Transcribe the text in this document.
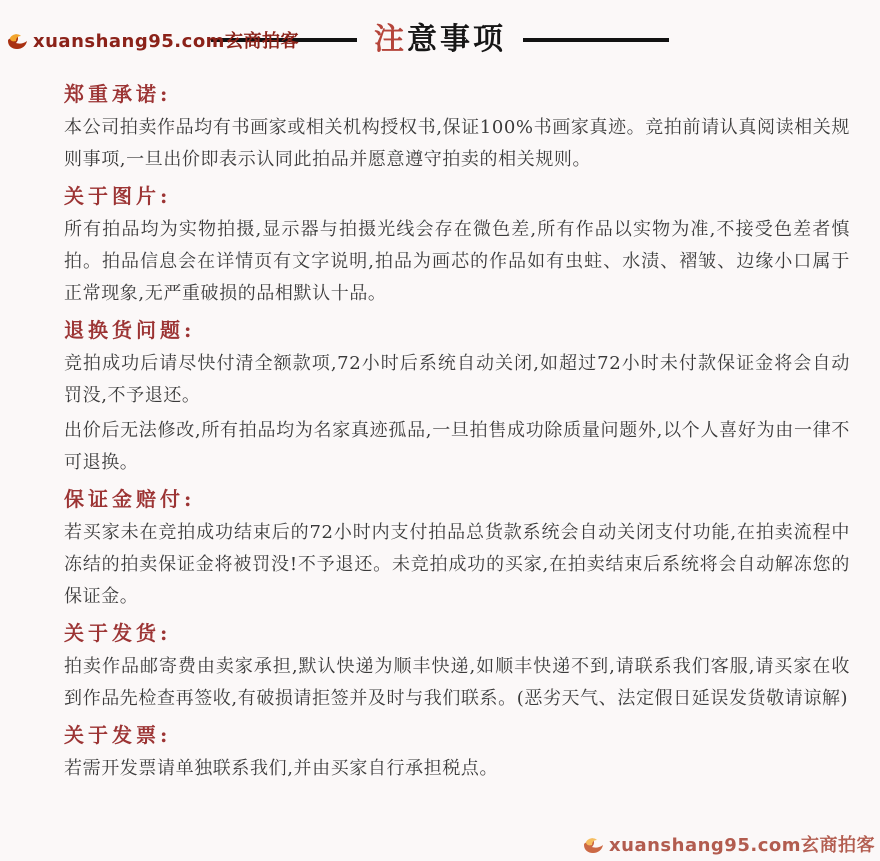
xuanshang95.com玄商拍客	注意事项
郑重承诺:

本公司拍卖作品均有书画家或相关机构授权书,保证100%书画家真迹。竞拍前请认真阅读相关规则事项,一旦出价即表示认同此拍品并愿意遵守拍卖的相关规则。

关于图片:

所有拍品均为实物拍摄,显示器与拍摄光线会存在微色差,所有作品以实物为准,不接受色差者慎拍。拍品信息会在详情页有文字说明,拍品为画芯的作品如有虫蛀、水渍、褶皱、边缘小口属于正常现象,无严重破损的品相默认十品。

退换货问题:

竞拍成功后请尽快付清全额款项,72小时后系统自动关闭,如超过72小时未付款保证金将会自动罚没,不予退还。

出价后无法修改,所有拍品均为名家真迹孤品,一旦拍售成功除质量问题外,以个人喜好为由一律不可退换。

保证金赔付:

若买家未在竞拍成功结束后的72小时内支付拍品总货款系统会自动关闭支付功能,在拍卖流程中冻结的拍卖保证金将被罚没!不予退还。未竞拍成功的买家,在拍卖结束后系统将会自动解冻您的保证金。

关于发货:

拍卖作品邮寄费由卖家承担,默认快递为顺丰快递,如顺丰快递不到,请联系我们客服,请买家在收到作品先检查再签收,有破损请拒签并及时与我们联系。(恶劣天气、法定假日延误发货敬请谅解)

关于发票:

若需开发票请单独联系我们,并由买家自行承担税点。

xuanshang95.com玄商拍客
